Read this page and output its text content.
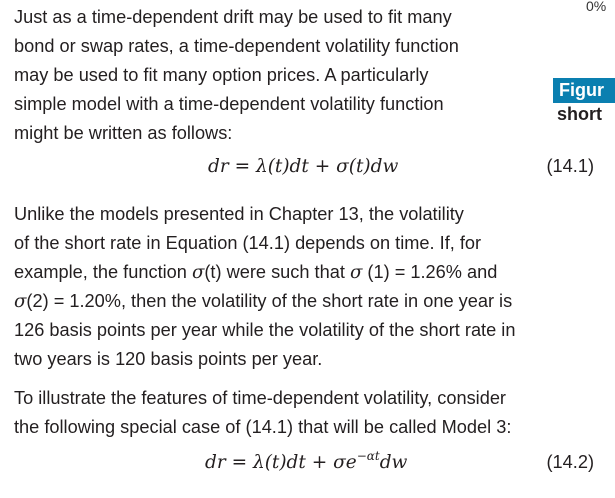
0%
Figur
short

Just as a time-dependent drift may be used to fit many
bond or swap rates, a time-dependent volatility function
may be used to fit many option prices. A particularly
simple model with a time-dependent volatility function
might be written as follows:

dr = λ(t)dt + σ(t)dw	(14.1)

Unlike the models presented in Chapter 13, the volatility
of the short rate in Equation (14.1) depends on time. If, for
example, the function σ(t) were such that σ (1) = 1.26% and
σ(2) = 1.20%, then the volatility of the short rate in one year is
126 basis points per year while the volatility of the short rate in
two years is 120 basis points per year.

To illustrate the features of time-dependent volatility, consider
the following special case of (14.1) that will be called Model 3:

dr = $\lambda(t)dt + \sigma e^{-\alpha t}dw$	(14.2)
